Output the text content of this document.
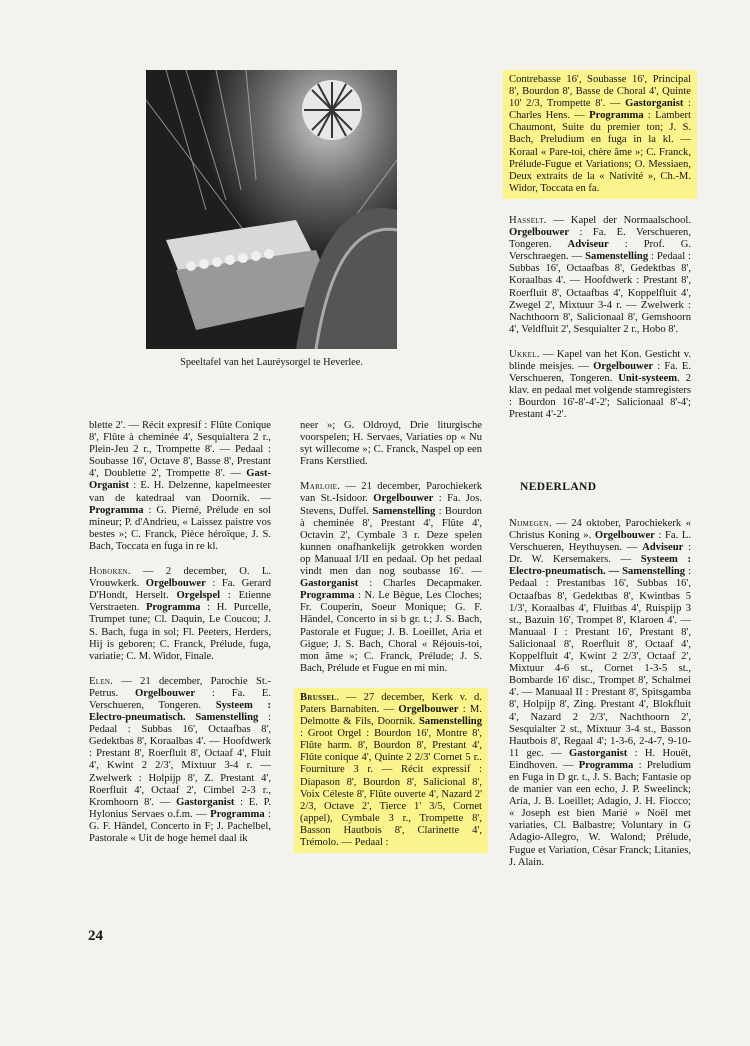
Speeltafel van het Lauréysorgel te Heverlee.

blette 2'. — Récit expresif : Flûte Conique 8', Flûte à cheminée 4', Sesquialtera 2 r., Plein-Jeu 2 r., Trompette 8'. — Pedaal : Soubasse 16', Octave 8', Basse 8', Prestant 4', Doublette 2', Trompette 8'. — Gast-Organist : E. H. Delzenne, kapelmeester van de katedraal van Doornik. — Programma : G. Pierné, Prélude en sol mineur; P. d'Andrieu, « Laissez paistre vos bestes »; C. Franck, Pièce héroïque, J. S. Bach, Toccata en fuga in re kl.

Hoboken. — 2 december, O. L. Vrouwkerk. Orgelbouwer : Fa. Gerard D'Hondt, Herselt. Orgelspel : Etienne Verstraeten. Programma : H. Purcelle, Trumpet tune; Cl. Daquin, Le Coucou; J. S. Bach, fuga in sol; Fl. Peeters, Herders, Hij is geboren; C. Franck, Prélude, fuga, variatie; C. M. Widor, Finale.

Elen. — 21 december, Parochie St.-Petrus. Orgelbouwer : Fa. E. Verschueren, Tongeren. Systeem : Electro-pneumatisch. Samenstelling : Pedaal : Subbas 16', Octaafbas 8', Gedektbas 8', Koraalbas 4'. — Hoofdwerk : Prestant 8', Roerfluit 8', Octaaf 4', Fluit 4', Kwint 2 2/3', Mixtuur 3-4 r. — Zwelwerk : Holpijp 8', Z. Prestant 4', Roerfluit 4', Octaaf 2', Cimbel 2-3 r., Kromhoorn 8'. — Gastorganist : E. P. Hylonius Servaes o.f.m. — Programma : G. F. Händel, Concerto in F; J. Pachelbel, Pastorale « Uit de hoge hemel daal ik

neer »; G. Oldroyd, Drie liturgische voorspelen; H. Servaes, Variaties op « Nu syt willecome »; C. Franck, Naspel op een Frans Kerstlied.

Marloie. — 21 december, Parochiekerk van St.-Isidoor. Orgelbouwer : Fa. Jos. Stevens, Duffel. Samenstelling : Bourdon à cheminée 8', Prestant 4', Flûte 4', Octavin 2', Cymbale 3 r. Deze spelen kunnen onafhankelijk getrokken worden op Manuaal I/II en pedaal. Op het pedaal vindt men dan nog soubasse 16'. — Gastorganist : Charles Decapmaker. Programma : N. Le Bègue, Les Cloches; Fr. Couperin, Soeur Monique; G. F. Händel, Concerto in si b gr. t.; J. S. Bach, Pastorale et Fugue; J. B. Loeillet, Aria et Gigue; J. S. Bach, Choral « Réjouis-toi, mon âme »; C. Franck, Prélude; J. S. Bach, Prélude et Fugue en mi min.

Brussel. — 27 december, Kerk v. d. Paters Barnabiten. — Orgelbouwer : M. Delmotte & Fils, Doornik. Samenstelling : Groot Orgel : Bourdon 16', Montre 8', Flûte harm. 8', Bourdon 8', Prestant 4', Flûte conique 4', Quinte 2 2/3' Cornet 5 r.. Fourniture 3 r. — Récit expressif : Diapason 8', Bourdon 8', Salicional 8', Voix Céleste 8', Flûte ouverte 4', Nazard 2' 2/3, Octave 2', Tierce 1' 3/5, Cornet (appel), Cymbale 3 r., Trompette 8', Basson Hautbois 8', Clarinette 4', Trémolo. — Pedaal :

Contrebasse 16', Soubasse 16', Principal 8', Bourdon 8', Basse de Choral 4', Quinte 10' 2/3, Trompette 8'. — Gastorganist : Charles Hens. — Programma : Lambert Chaumont, Suite du premier ton; J. S. Bach, Preludium en fuga in la kl. — Koraal « Pare-toi, chère âme »; C. Franck, Prélude-Fugue et Variations; O. Messiaen, Deux extraits de la « Nativité », Ch.-M. Widor, Toccata en fa.

Hasselt. — Kapel der Normaalschool. Orgelbouwer : Fa. E. Verschueren, Tongeren. Adviseur : Prof. G. Verschraegen. — Samenstelling : Pedaal : Subbas 16', Octaafbas 8', Gedektbas 8', Koraalbas 4'. — Hoofdwerk : Prestant 8', Roerfluit 8', Octaafbas 4', Koppelfluit 4', Zwegel 2', Mixtuur 3-4 r. — Zwelwerk : Nachthoorn 8', Salicionaal 8', Gemshoorn 4', Veldfluit 2', Sesquialter 2 r., Hobo 8'.

Ukkel. — Kapel van het Kon. Gesticht v. blinde meisjes. — Orgelbouwer : Fa. E. Verschueren, Tongeren. Unit-systeem. 2 klav. en pedaal met volgende stamregisters : Bourdon 16'-8'-4'-2'; Salicionaal 8'-4'; Prestant 4'-2'.

NEDERLAND

Nijmegen. — 24 oktober, Parochiekerk « Christus Koning ». Orgelbouwer : Fa. L. Verschueren, Heythuysen. — Adviseur : Dr. W. Kersemakers. — Systeem : Electro-pneumatisch. — Samenstelling : Pedaal : Prestantbas 16', Subbas 16', Octaafbas 8', Gedektbas 8', Kwintbas 5 1/3', Koraalbas 4', Fluitbas 4', Ruispijp 3 st., Bazuin 16', Trompet 8', Klaroen 4'. — Manuaal I : Prestant 16', Prestant 8', Salicionaal 8', Roerfluit 8', Octaaf 4', Koppelfluit 4', Kwint 2 2/3', Octaaf 2', Mixtuur 4-6 st., Cornet 1-3-5 st., Bombarde 16' disc., Trompet 8', Schalmei 4'. — Manuaal II : Prestant 8', Spitsgamba 8', Holpijp 8', Zing. Prestant 4', Blokfluit 4', Nazard 2 2/3', Nachthoorn 2', Sesquialter 2 st., Mixtuur 3-4 st., Basson Hautbois 8', Regaal 4'; 1-3-6, 2-4-7, 9-10-11 gec. — Gastorganist : H. Houët, Eindhoven. — Programma : Preludium en Fuga in D gr. t., J. S. Bach; Fantasie op de manier van een echo, J. P. Sweelinck; Aria, J. B. Loeillet; Adagio, J. H. Fiocco; « Joseph est bien Marié » Noël met variaties, Cl. Balbastre; Voluntary in G Adagio-Allegro, W. Walond; Prélude, Fugue et Variation, César Franck; Litanies, J. Alain.

24
